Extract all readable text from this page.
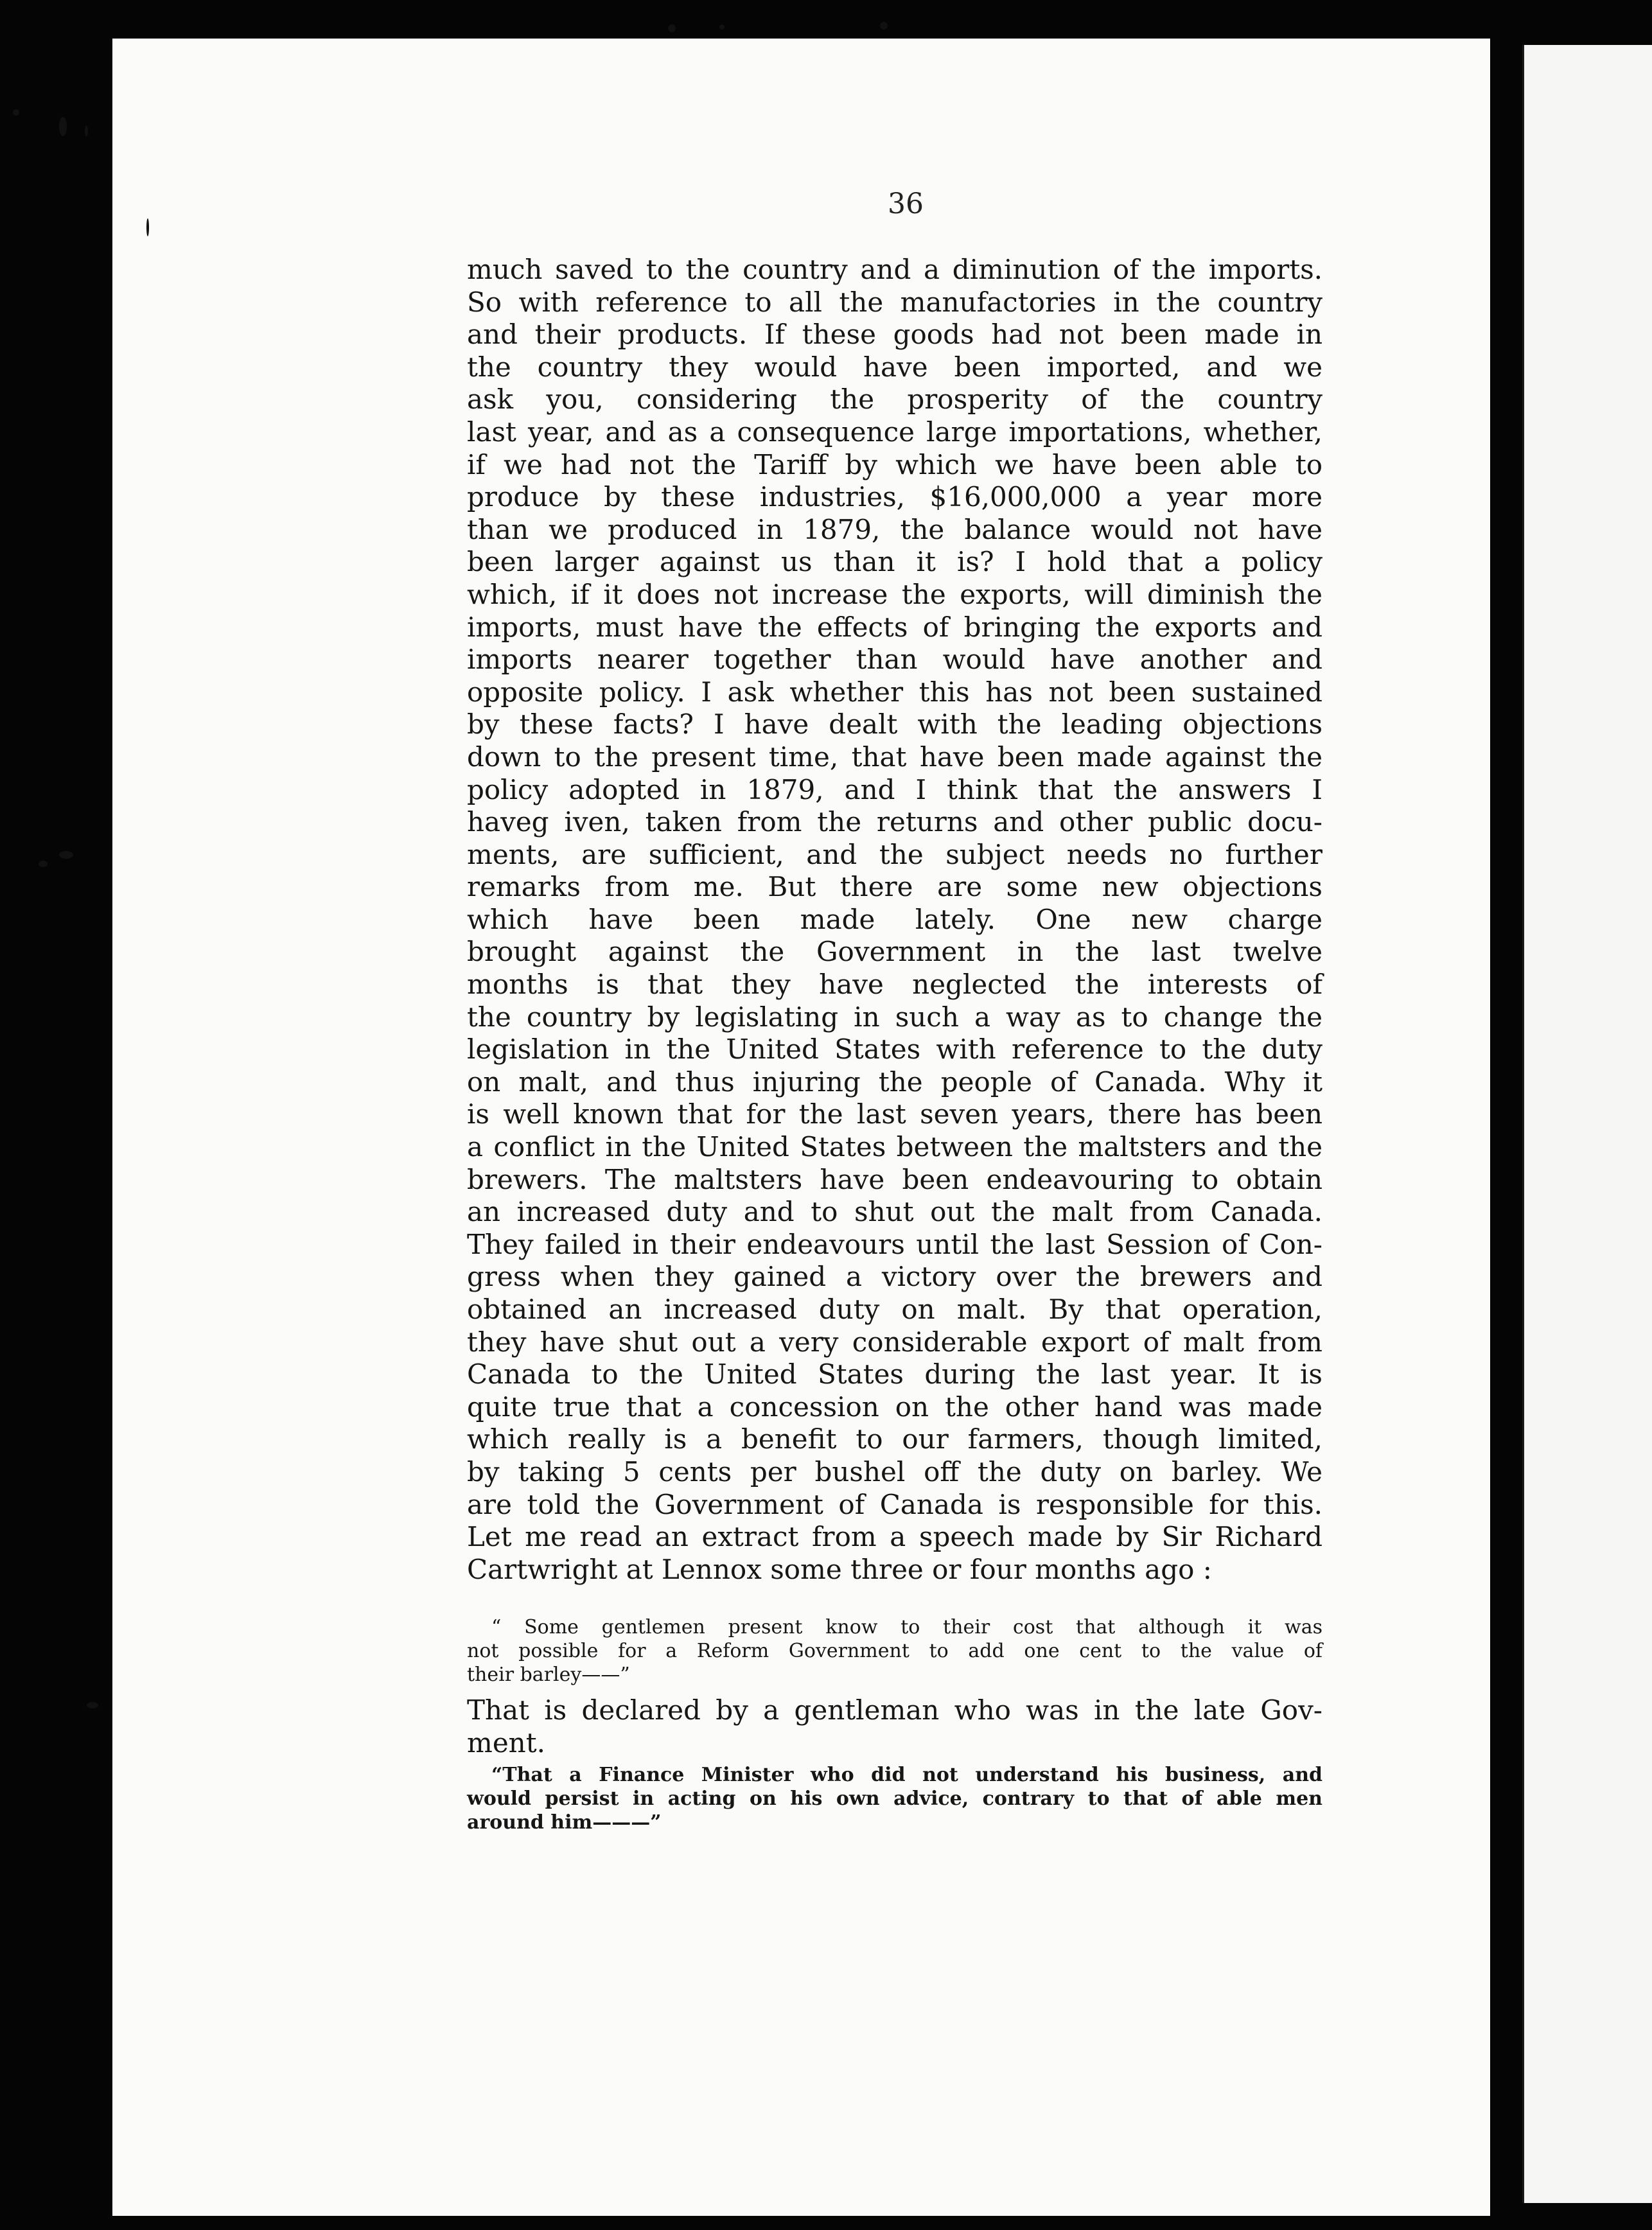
36
much saved to the country and a diminution of the imports.
So with reference to all the manufactories in the country
and their products. If these goods had not been made in
the country they would have been imported, and we
ask you, considering the prosperity of the country
last year, and as a consequence large importations, whether,
if we had not the Tariff by which we have been able to
produce by these industries, $16,000,000 a year more
than we produced in 1879, the balance would not have
been larger against us than it is? I hold that a policy
which, if it does not increase the exports, will diminish the
imports, must have the effects of bringing the exports and
imports nearer together than would have another and
opposite policy. I ask whether this has not been sustained
by these facts? I have dealt with the leading objections
down to the present time, that have been made against the
policy adopted in 1879, and I think that the answers I
haveg iven, taken from the returns and other public docu-
ments, are sufficient, and the subject needs no further
remarks from me. But there are some new objections
which have been made lately. One new charge
brought against the Government in the last twelve
months is that they have neglected the interests of
the country by legislating in such a way as to change the
legislation in the United States with reference to the duty
on malt, and thus injuring the people of Canada. Why it
is well known that for the last seven years, there has been
a conflict in the United States between the maltsters and the
brewers. The maltsters have been endeavouring to obtain
an increased duty and to shut out the malt from Canada.
They failed in their endeavours until the last Session of Con-
gress when they gained a victory over the brewers and
obtained an increased duty on malt. By that operation,
they have shut out a very considerable export of malt from
Canada to the United States during the last year. It is
quite true that a concession on the other hand was made
which really is a benefit to our farmers, though limited,
by taking 5 cents per bushel off the duty on barley. We
are told the Government of Canada is responsible for this.
Let me read an extract from a speech made by Sir Richard
Cartwright at Lennox some three or four months ago :
“ Some gentlemen present know to their cost that although it was
not possible for a Reform Government to add one cent to the value of
their barley——”
That is declared by a gentleman who was in the late Gov-
ment.
“That a Finance Minister who did not understand his business, and
would persist in acting on his own advice, contrary to that of able men
around him———”
